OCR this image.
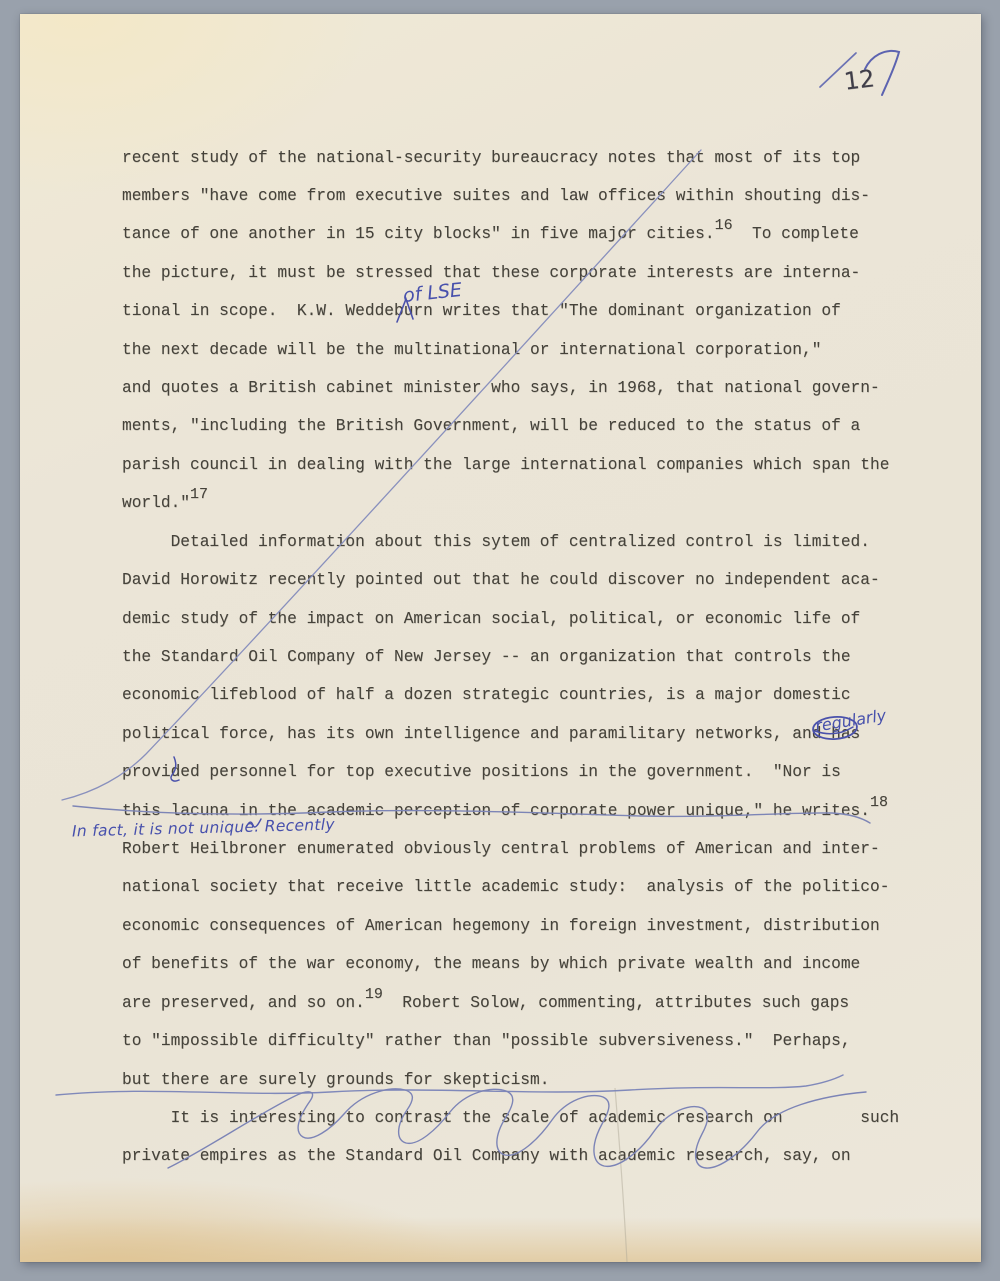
recent study of the national-security bureaucracy notes that most of its top
members "have come from executive suites and law offices within shouting dis-
tance of one another in 15 city blocks" in five major cities.16  To complete
the picture, it must be stressed that these corporate interests are interna-
tional in scope.  K.W. Weddeburn writes that "The dominant organization of
the next decade will be the multinational or international corporation,"
and quotes a British cabinet minister who says, in 1968, that national govern-
ments, "including the British Government, will be reduced to the status of a
parish council in dealing with the large international companies which span the
world."17
Detailed information about this sytem of centralized control is limited.
David Horowitz recently pointed out that he could discover no independent aca-
demic study of the impact on American social, political, or economic life of
the Standard Oil Company of New Jersey -- an organization that controls the
economic lifeblood of half a dozen strategic countries, is a major domestic
political force, has its own intelligence and paramilitary networks, and has
provided personnel for top executive positions in the government.  "Nor is
this lacuna in the academic perception of corporate power unique," he writes.18
Robert Heilbroner enumerated obviously central problems of American and inter-
national society that receive little academic study:  analysis of the politico-
economic consequences of American hegemony in foreign investment, distribution
of benefits of the war economy, the means by which private wealth and income
are preserved, and so on.19  Robert Solow, commenting, attributes such gaps
to "impossible difficulty" rather than "possible subversiveness."  Perhaps,
but there are surely grounds for skepticism.
It is interesting to contrast the scale of academic research on        such
private empires as the Standard Oil Company with academic research, say, on
12
of LSE
regularly
In fact, it is not unique. Recently
